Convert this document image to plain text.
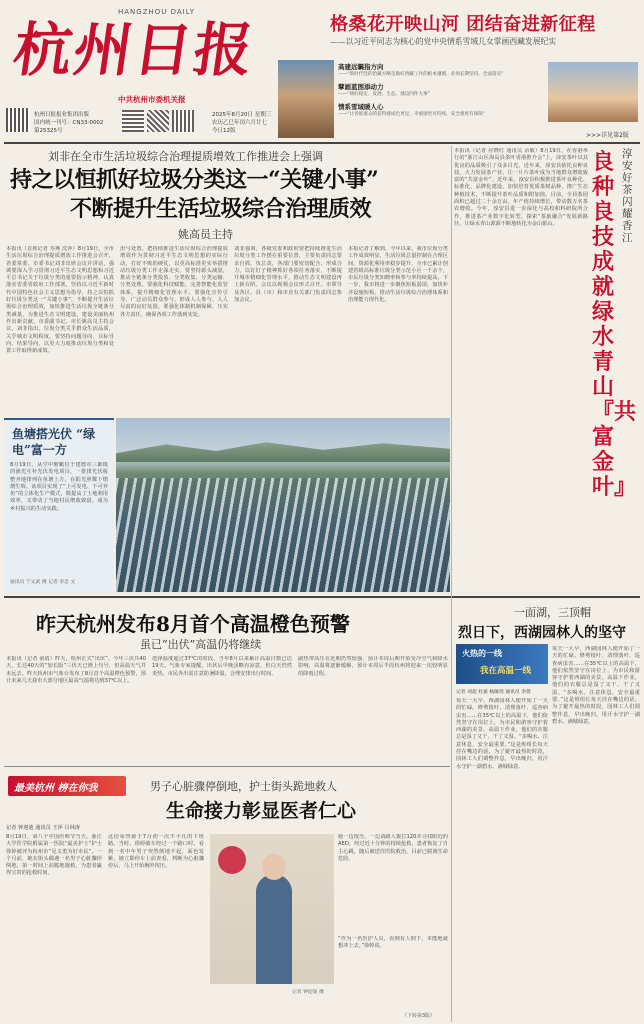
HANGZHOU DAILY
杭州日报
中共杭州市委机关报
杭州日报报业集团出版
国内统一刊号：CN33-0002
第25325号
2025年8月20日 星期三
农历乙巳年闰六月廿七
今日12版
格桑花开映山河 团结奋进新征程
——以习近平同志为核心的党中央情系雪域儿女掌画西藏发展纪实
高建远瞩指方向
——“新时代党的治藏方略是做好西藏工作的根本遵循，必须长期坚持、全面落实”
擘画蓝图添动力
——“统好稳定、发展、生态、强边四件大事”
情系雪域暖人心
——“让各族群众的获得感成色更足、幸福感更可持续、安全感更有保障”
>>>详见第2版
刘非在全市生活垃圾综合治理提质增效工作推进会上强调
持之以恒抓好垃圾分类这一“关键小事”
不断提升生活垃圾综合治理质效
姚高员主持
本报讯（首席记者 寿燕 沈萍）8月19日，全市生活垃圾综合治理提质增效工作推进会召开。省委常委、市委书记刘非出席会议并讲话，强调要深入学习贯彻习近平生态文明思想和习近平总书记关于垃圾分类的重要指示精神，认真落实省委省政府工作部署，坚持以习近平新时代中国特色社会主义思想为指导，持之以恒抓好垃圾分类这一“关键小事”，不断提升生活垃圾综合治理质效，加快推进生活垃圾全链条分类减量，为推进生态文明建设、建设美丽杭州作出新贡献。市委副书记、市长姚高员主持会议。刘非指出，垃圾分类关乎群众生活品质，关乎城市文明程度。要坚持问题导向、目标导向、结果导向，以更大力度推动垃圾分类和处置工作取得新成效。
治与处置，把持续推进生活垃圾综合治理提质增效作为贯彻习近平生态文明思想的实际行动，打好不败的硬仗，以更高标准更实举措推动垃圾分类工作走深走实。要坚持源头减量，推动全链条分类投放、分类收集、分类运输、分类处理。要强化科技赋能，完善智能化监管体系，提升精细化管理水平。要强化宣传引导，广泛动员群众参与，形成人人参与、人人尽责的良好氛围。要强化体制机制保障，压实各方责任，确保各项工作落到实处。
刘非强调，各级党委和政府要把持续推进生活垃圾分类工作摆在重要位置，主要负责同志要亲自抓、负总责，各部门要密切配合、形成合力，以钉钉子精神抓好各项任务落实，不断提升城市精细化管理水平，推动生态文明建设再上新台阶。会议以视频会议形式召开。市领导及各区、县（市）和市直有关部门负责同志参加会议。
本报记者了解到，今年以来，我市垃圾分类工作成效明显，生活垃圾总量控制在合理区间，资源化利用率稳步提升。全市已累计创建省级高标准垃圾分类示范小区一千余个，市民垃圾分类知晓率和参与率持续提高。下一步，我市将进一步聚焦短板弱项，加快补齐设施短板，推动生活垃圾综合治理体系和治理能力现代化。
鱼塘搭光伏 “绿电”富一方
8月19日，从空中俯瞰位于建德市三都镇的渔光互补光伏发电项目，一排排光伏板整齐地排列在鱼塘上方，在阳光照耀下熠熠生辉。该项目实现了“上可发电、下可养鱼”的立体化生产模式，既提高了土地利用效率，又带动了当地村民增收致富，成为乡村振兴的生动实践。
通讯员 宁文武 摄 记者 李忠 文
淳安好茶闪耀香江
良种良技成就绿水青山『共富金叶』
本报讯（记者 应晓红 通讯员 余敏）8月19日，在香港举行的“浙江山区海岛县茶叶香港推介会”上，淳安茶叶以其优良的品质吸引了众多目光。近年来，淳安县依托良种良技，大力发展茶产业，让一片片茶叶成为当地群众增收致富的“共富金叶”。近年来，淳安县积极推进茶叶良种化、标准化、品牌化建设，加快培育优质茶树品种，推广生态种植技术，不断提升茶叶品质和附加值。目前，全县茶园面积已超过二十余万亩，年产值持续增长，带动数万名茶农增收。今年，淳安县进一步深化与高校和科研院所合作，推进茶产业数字化转型，探索“茶旅融合”发展新路径，让绿水青山源源不断地转化为金山银山。
昨天杭州发布8月首个高温橙色预警
虽已“出伏”高温仍将继续
本报讯（记者 俞倩）昨天，杭州正式“出伏”。今年三伏共40天，长达40天的“加长版”三伏天已画上句号，但高温天气并未远去。昨天杭州市气象台发布了8月首个高温橙色预警，预计未来几天我市大部分地区最高气温将达到37℃以上。
选择温度超过37℃的时段，当年8月以来累计高温日数已达19天。气象专家提醒，出伏后早晚虽略有凉意，但白天仍然炎热，市民外出需注意防暑降温，合理安排出行时间。
副热带高压在近期仍然较强，预计本周后期开始受冷空气和降水影响，高温将逐渐缓解，预计本周后半段杭州将迎来一次较明显的降雨过程。
最美杭州 榜在你我	男子心脏骤停倒地，护士街头跪地救人
生命接力彰显医者仁心
记者 钟迎迪 通讯员 王萍 吕林涛
8月19日，第八个中国医师节当天，浙江大学医学院附属第一医院“最美护士”护士徐婷被评为杭州市“见义勇为好市民”。一个月前，她在街头偶遇一名男子心脏骤停倒地，第一时间上前跪地施救，为患者赢得宝贵的抢救时间。
这份荣誉源于7月初一次不平凡的下班路。当时，徐婷骑车经过一个路口时，看到一名中年男子突然倒地不起，面色发紫，她立即停车上前查看，判断为心脏骤停后，马上开始胸外按压。
记者 钟迎迪 摄
她一边按压，一边请路人拨打120并寻找附近的AED。经过近十分钟的持续抢救，患者恢复了自主心跳，随后被送往医院救治，目前已脱离生命危险。
“作为一名医护人员，看到有人倒下，本能地就想冲上去。”徐婷说。
（下转第3版）
一面湖，三顶帽
烈日下，西湖园林人的坚守
火热的一线
我在高温一线
记者 刘超 杜嘉 杨敏瑶 通讯员 李倩
每天一大早，西湖园林人便开始了一天的忙碌。修剪枝叶、清理落叶、巡查病虫害……在35℃以上的高温下，他们依然坚守在岗位上，为市民和游客守护着西湖的美景。高温下作业，他们的衣服总是湿了又干、干了又湿。“多喝水，注意休息，安全最重要。”这是班组长每天挂在嘴边的话。为了避开最热的时段，园林工人们调整作息，早出晚归，用汗水守护一湖碧水、满城绿意。
每天一大早，西湖园林人便开始了一天的忙碌。修剪枝叶、清理落叶、巡查病虫害……在35℃以上的高温下，他们依然坚守在岗位上，为市民和游客守护着西湖的美景。高温下作业，他们的衣服总是湿了又干、干了又湿。“多喝水，注意休息，安全最重要。”这是班组长每天挂在嘴边的话。为了避开最热的时段，园林工人们调整作息，早出晚归，用汗水守护一湖碧水、满城绿意。
